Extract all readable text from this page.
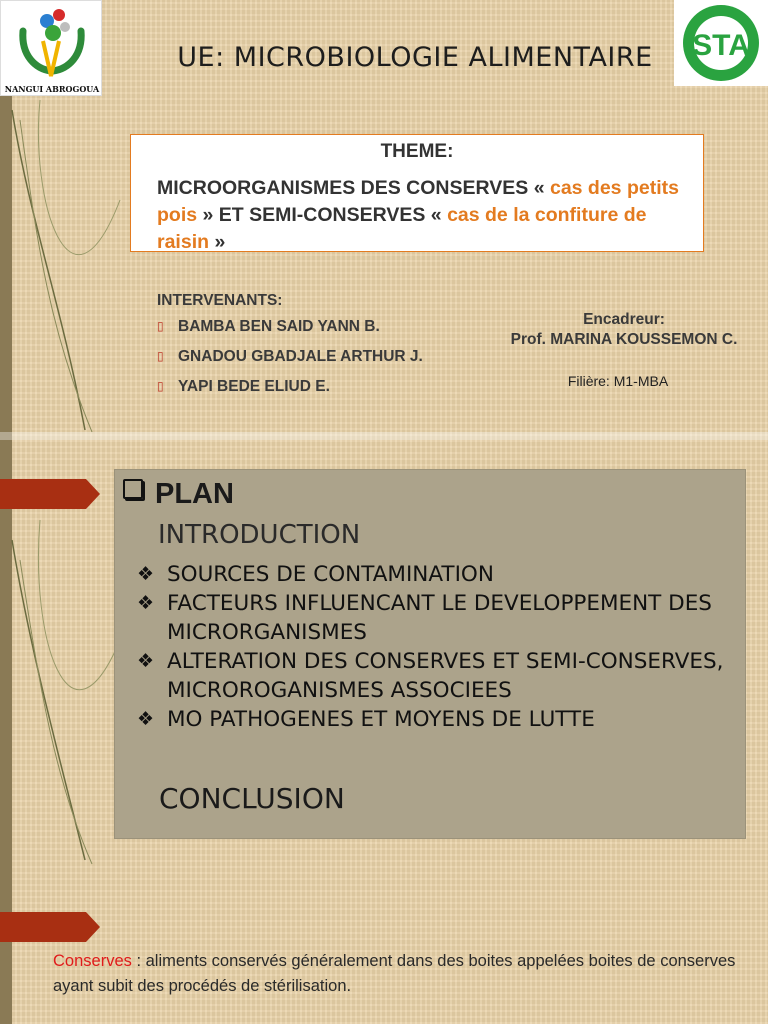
NANGUI ABROGOUA
STA
UE: MICROBIOLOGIE ALIMENTAIRE
THEME:
MICROORGANISMES DES CONSERVES « cas des petits pois » ET SEMI-CONSERVES « cas de la confiture de raisin »
INTERVENANTS:
▯ BAMBA BEN SAID YANN B.
▯ GNADOU GBADJALE ARTHUR J.
▯ YAPI BEDE ELIUD E.
Encadreur:
Prof. MARINA KOUSSEMON C.
Filière: M1-MBA
PLAN
INTRODUCTION
❖ SOURCES DE CONTAMINATION
❖ FACTEURS INFLUENCANT LE DEVELOPPEMENT DES MICRORGANISMES
❖ ALTERATION DES CONSERVES ET SEMI-CONSERVES, MICROROGANISMES ASSOCIEES
❖ MO PATHOGENES ET MOYENS DE LUTTE
CONCLUSION
Conserves : aliments conservés généralement dans des boites appelées boites de conserves ayant subit des procédés de stérilisation.
